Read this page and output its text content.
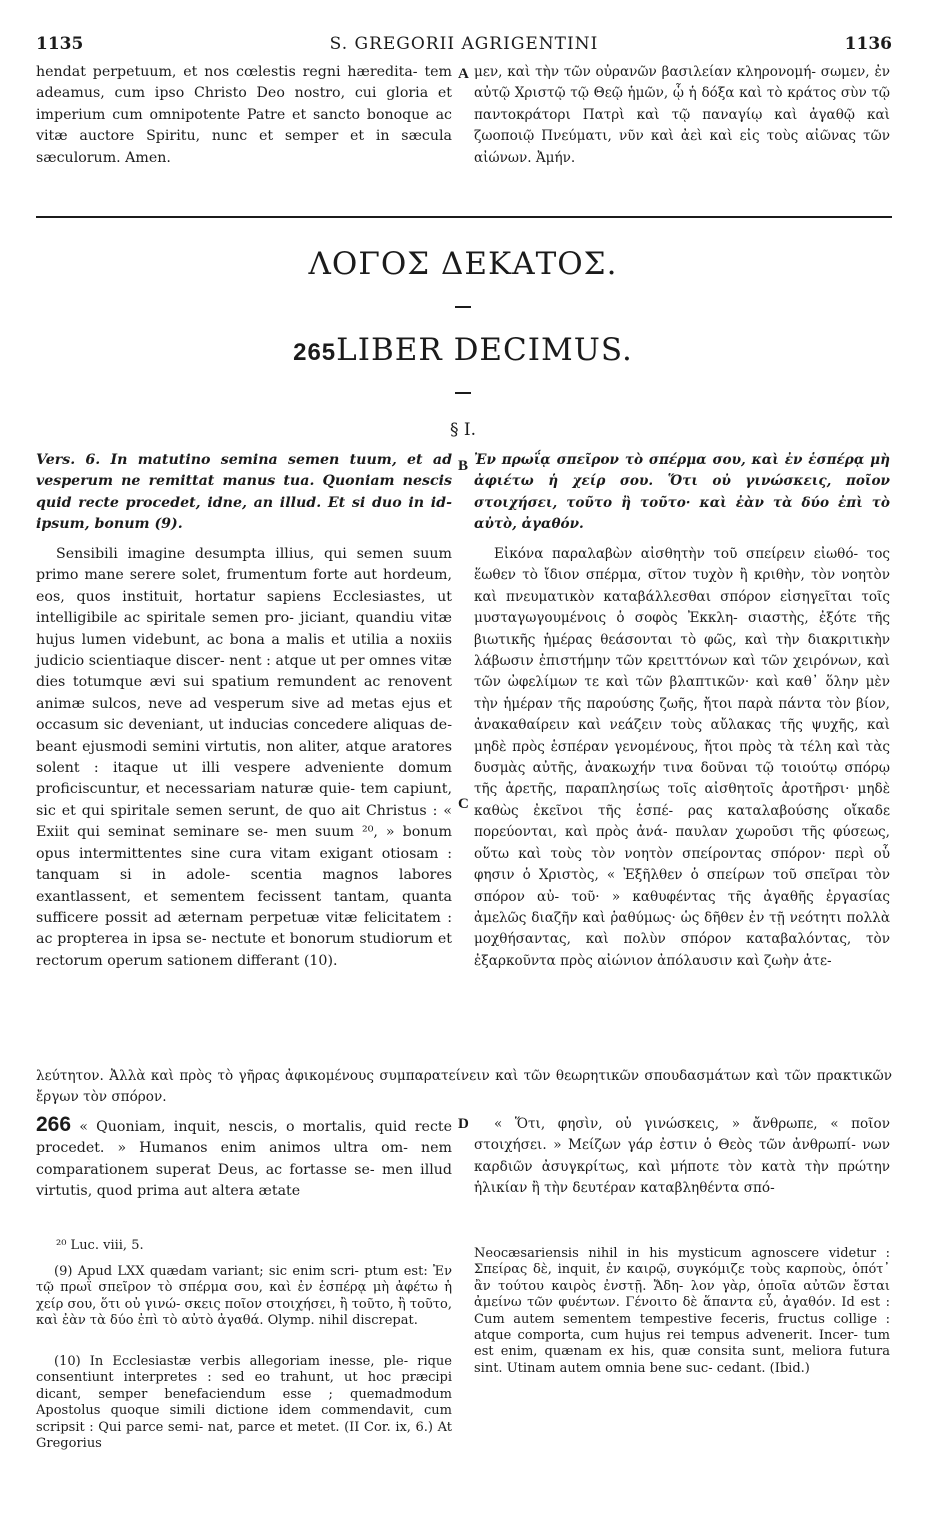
1135	S. GREGORII AGRIGENTINI	1136

hendat perpetuum, et nos cœlestis regni hæredita- tem adeamus, cum ipso Christo Deo nostro, cui gloria et imperium cum omnipotente Patre et sancto bonoque ac vitæ auctore Spiritu, nunc et semper et in sæcula sæculorum. Amen.

A μεν, καὶ τὴν τῶν οὐρανῶν βασιλείαν κληρονομή- σωμεν, ἐν αὐτῷ Χριστῷ τῷ Θεῷ ἡμῶν, ᾧ ἡ δόξα καὶ τὸ κράτος σὺν τῷ παντοκράτορι Πατρὶ καὶ τῷ παναγίῳ καὶ ἀγαθῷ καὶ ζωοποιῷ Πνεύματι, νῦν καὶ ἀεὶ καὶ εἰς τοὺς αἰῶνας τῶν αἰώνων. Ἀμήν.

ΛΟΓΟΣ ΔΕΚΑΤΟΣ.
265LIBER DECIMUS.
§ I.

Vers. 6. In matutino semina semen tuum, et ad vesperum ne remittat manus tua. Quoniam nescis quid recte procedet, idne, an illud. Et si duo in id- ipsum, bonum (9).

B Ἐν πρωΐᾳ σπεῖρον τὸ σπέρμα σου, καὶ ἐν ἑσπέρᾳ μὴ ἀφιέτω ἡ χείρ σου. Ὅτι οὐ γινώσκεις, ποῖον στοιχήσει, τοῦτο ἢ τοῦτο· καὶ ἐὰν τὰ δύο ἐπὶ τὸ αὐτὸ, ἀγαθόν.

Sensibili imagine desumpta illius, qui semen suum primo mane serere solet, frumentum forte aut hordeum, eos, quos instituit, hortatur sapiens Ecclesiastes, ut intelligibile ac spiritale semen pro- jiciant, quandiu vitæ hujus lumen videbunt, ac bona a malis et utilia a noxiis judicio scientiaque discer- nent : atque ut per omnes vitæ dies totumque ævi sui spatium remundent ac renovent animæ sulcos, neve ad vesperum sive ad metas ejus et occasum sic deveniant, ut inducias concedere aliquas de- beant ejusmodi semini virtutis, non aliter, atque aratores solent : itaque ut illi vespere adveniente domum proficiscuntur, et necessariam naturæ quie- tem capiunt, sic et qui spiritale semen serunt, de quo ait Christus : « Exiit qui seminat seminare se- men suum ²⁰, » bonum opus intermittentes sine cura vitam exigant otiosam : tanquam si in adole- scentia magnos labores exantlassent, et sementem fecissent tantam, quanta sufficere possit ad æternam perpetuæ vitæ felicitatem : ac propterea in ipsa se- nectute et bonorum studiorum et rectorum operum sationem differant (10).

C

Εἰκόνα παραλαβὼν αἰσθητὴν τοῦ σπείρειν εἰωθό- τος ἕωθεν τὸ ἴδιον σπέρμα, σῖτον τυχὸν ἢ κριθὴν, τὸν νοητὸν καὶ πνευματικὸν καταβάλλεσθαι σπόρον εἰσηγεῖται τοῖς μυσταγωγουμένοις ὁ σοφὸς Ἐκκλη- σιαστὴς, ἐξότε τῆς βιωτικῆς ἡμέρας θεάσονται τὸ φῶς, καὶ τὴν διακριτικὴν λάβωσιν ἐπιστήμην τῶν κρειττόνων καὶ τῶν χειρόνων, καὶ τῶν ὠφελίμων τε καὶ τῶν βλαπτικῶν· καὶ καθ᾽ ὅλην μὲν τὴν ἡμέραν τῆς παρούσης ζωῆς, ἤτοι παρὰ πάντα τὸν βίον, ἀνακαθαίρειν καὶ νεάζειν τοὺς αὔλακας τῆς ψυχῆς, καὶ μηδὲ πρὸς ἑσπέραν γενομένους, ἤτοι πρὸς τὰ τέλη καὶ τὰς δυσμὰς αὐτῆς, ἀνακωχήν τινα δοῦναι τῷ τοιούτῳ σπόρῳ τῆς ἀρετῆς, παραπλησίως τοῖς αἰσθητοῖς ἀροτῆρσι· μηδὲ καθὼς ἐκεῖνοι τῆς ἑσπέ- ρας καταλαβούσης οἴκαδε πορεύονται, καὶ πρὸς ἀνά- παυλαν χωροῦσι τῆς φύσεως, οὕτω καὶ τοὺς τὸν νοητὸν σπείροντας σπόρον· περὶ οὗ φησιν ὁ Χριστὸς, « Ἐξῆλθεν ὁ σπείρων τοῦ σπεῖραι τὸν σπόρον αὐ- τοῦ· » καθυφέντας τῆς ἀγαθῆς ἐργασίας ἀμελῶς διαζῆν καὶ ῥαθύμως· ὡς δῆθεν ἐν τῇ νεότητι πολλὰ μοχθήσαντας, καὶ πολὺν σπόρον καταβαλόντας, τὸν ἐξαρκοῦντα πρὸς αἰώνιον ἀπόλαυσιν καὶ ζωὴν ἀτε-

λεύτητον. Ἀλλὰ καὶ πρὸς τὸ γῆρας ἀφικομένους συμπαρατείνειν καὶ τῶν θεωρητικῶν σπουδασμάτων καὶ τῶν πρακτικῶν ἔργων τὸν σπόρον.

266 « Quoniam, inquit, nescis, o mortalis, quid recte procedet. » Humanos enim animos ultra om- nem comparationem superat Deus, ac fortasse se- men illud virtutis, quod prima aut altera ætate

D	« Ὅτι, φησὶν, οὐ γινώσκεις, » ἄνθρωπε, « ποῖον στοιχήσει. » Μείζων γάρ ἐστιν ὁ Θεὸς τῶν ἀνθρωπί- νων καρδιῶν ἀσυγκρίτως, καὶ μήποτε τὸν κατὰ τὴν πρώτην ἡλικίαν ἢ τὴν δευτέραν καταβληθέντα σπό-

²⁰ Luc. viii, 5.

(9) Apud LXX quædam variant; sic enim scri- ptum est: Ἐν τῷ πρωῒ σπεῖρον τὸ σπέρμα σου, καὶ ἐν ἑσπέρᾳ μὴ ἀφέτω ἡ χείρ σου, ὅτι οὐ γινώ- σκεις ποῖον στοιχήσει, ἢ τοῦτο, ἢ τοῦτο, καὶ ἐὰν τὰ δύο ἐπὶ τὸ αὐτὸ ἀγαθά. Olymp. nihil discrepat.

(10) In Ecclesiastæ verbis allegoriam inesse, ple- rique consentiunt interpretes : sed eo trahunt, ut hoc præcipi dicant, semper benefaciendum esse ; quemadmodum Apostolus quoque simili dictione idem commendavit, cum scripsit : Qui parce semi- nat, parce et metet. (II Cor. ix, 6.) At Gregorius

Neocæsariensis nihil in his mysticum agnoscere videtur : Σπείρας δὲ, inquit, ἐν καιρῷ, συγκόμιζε τοὺς καρποὺς, ὁπότ᾽ ἂν τούτου καιρὸς ἐνστῇ. Ἄδη- λον γὰρ, ὁποῖα αὐτῶν ἔσται ἀμείνω τῶν φυέντων. Γένοιτο δὲ ἅπαντα εὖ, ἀγαθόν. Id est : Cum autem sementem tempestive feceris, fructus collige : atque comporta, cum hujus rei tempus advenerit. Incer- tum est enim, quænam ex his, quæ consita sunt, meliora futura sint. Utinam autem omnia bene suc- cedant. (Ibid.)
